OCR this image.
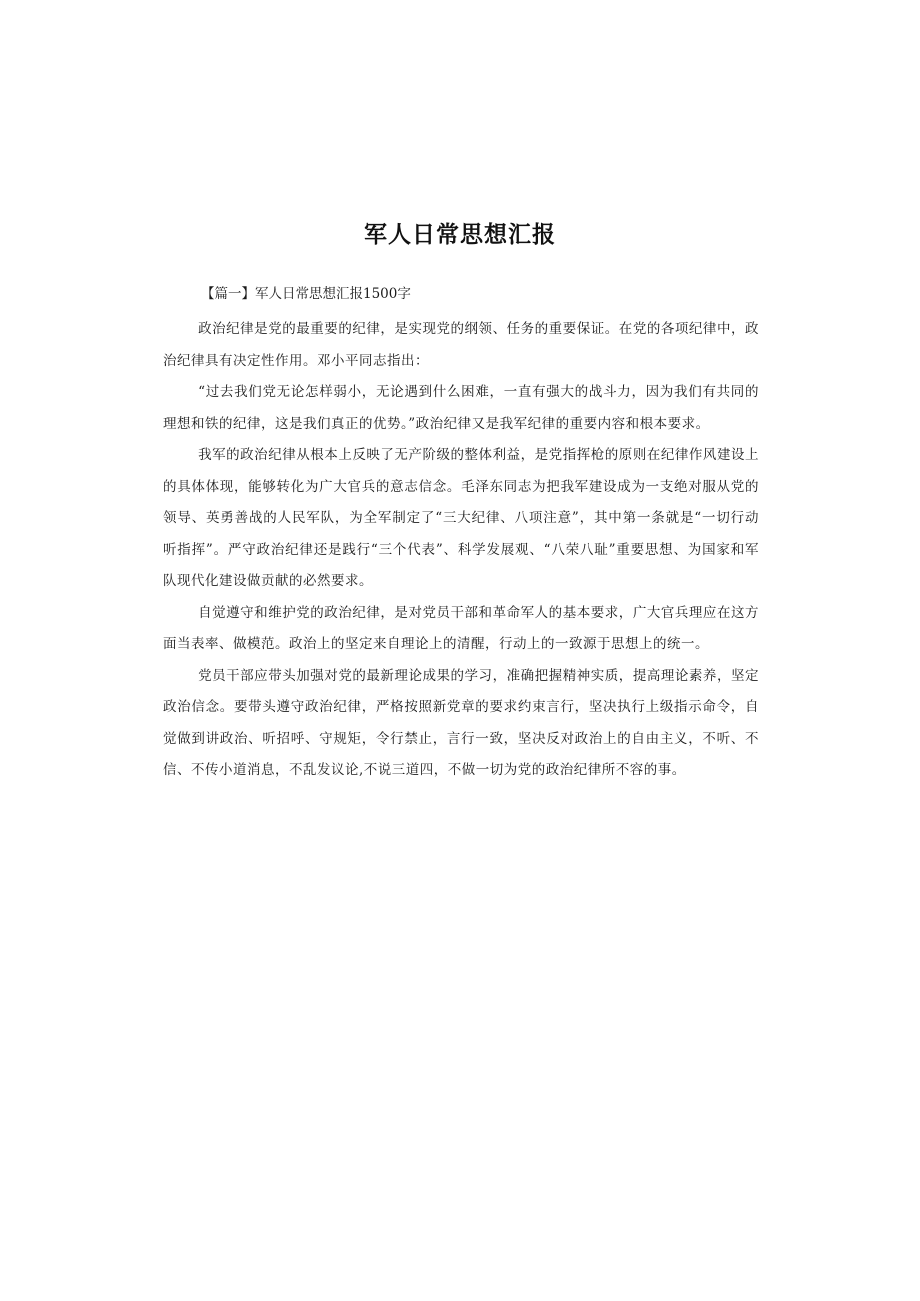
军人日常思想汇报

【篇一】军人日常思想汇报1500字

政治纪律是党的最重要的纪律，是实现党的纲领、任务的重要保证。在党的各项纪律中，政治纪律具有决定性作用。邓小平同志指出：

“过去我们党无论怎样弱小，无论遇到什么困难，一直有强大的战斗力，因为我们有共同的理想和铁的纪律，这是我们真正的优势。”政治纪律又是我军纪律的重要内容和根本要求。

我军的政治纪律从根本上反映了无产阶级的整体利益，是党指挥枪的原则在纪律作风建设上的具体体现，能够转化为广大官兵的意志信念。毛泽东同志为把我军建设成为一支绝对服从党的领导、英勇善战的人民军队，为全军制定了“三大纪律、八项注意”，其中第一条就是“一切行动听指挥”。严守政治纪律还是践行“三个代表”、科学发展观、“八荣八耻”重要思想、为国家和军队现代化建设做贡献的必然要求。

自觉遵守和维护党的政治纪律，是对党员干部和革命军人的基本要求，广大官兵理应在这方面当表率、做模范。政治上的坚定来自理论上的清醒，行动上的一致源于思想上的统一。

党员干部应带头加强对党的最新理论成果的学习，准确把握精神实质，提高理论素养，坚定政治信念。要带头遵守政治纪律，严格按照新党章的要求约束言行，坚决执行上级指示命令，自觉做到讲政治、听招呼、守规矩，令行禁止，言行一致，坚决反对政治上的自由主义，不听、不信、不传小道消息，不乱发议论,不说三道四，不做一切为党的政治纪律所不容的事。
